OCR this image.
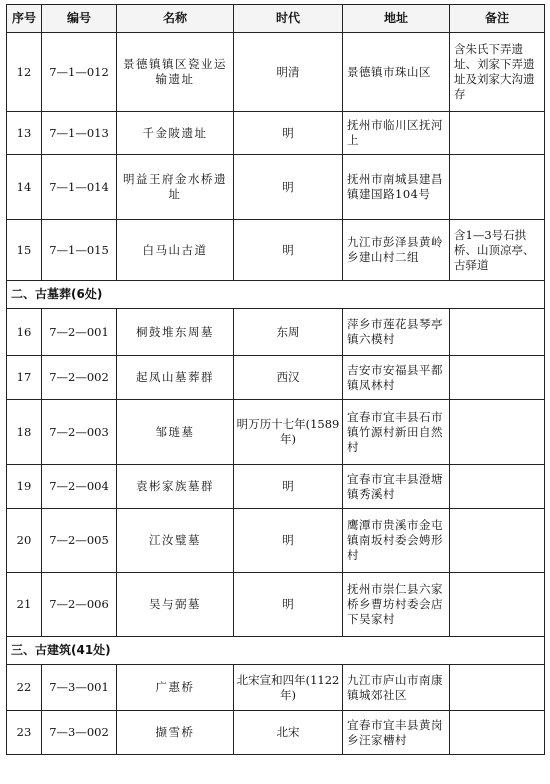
序号	编号	名称	时代	地址	备注
12	7—1—012	景德镇镇区瓷业运输遗址	明清	景德镇市珠山区	含朱氏下弄遗址、刘家下弄遗址及刘家大沟遗存
13	7—1—013	千金陂遗址	明	抚州市临川区抚河上	
14	7—1—014	明益王府金水桥遗址	明	抚州市南城县建昌镇建国路104号	
15	7—1—015	白马山古道	明	九江市彭泽县黄岭乡建山村二组	含1—3号石拱桥、山顶凉亭、古驿道
二、古墓葬(6处)					
16	7—2—001	桐鼓堆东周墓	东周	萍乡市莲花县琴亭镇六模村	
17	7—2—002	起凤山墓葬群	西汉	吉安市安福县平都镇凤林村	
18	7—2—003	邹琏墓	明万历十七年(1589年)	宜春市宜丰县石市镇竹源村新田自然村	
19	7—2—004	袁彬家族墓群	明	宜春市宜丰县澄塘镇秀溪村	
20	7—2—005	江汝璧墓	明	鹰潭市贵溪市金屯镇南坂村委会娉形村	
21	7—2—006	吴与弼墓	明	抚州市崇仁县六家桥乡曹坊村委会店下吴家村	
三、古建筑(41处)					
22	7—3—001	广惠桥	北宋宣和四年(1122年)	九江市庐山市南康镇城郊社区	
23	7—3—002	撷雪桥	北宋	宜春市宜丰县黄岗乡汪家槽村	
